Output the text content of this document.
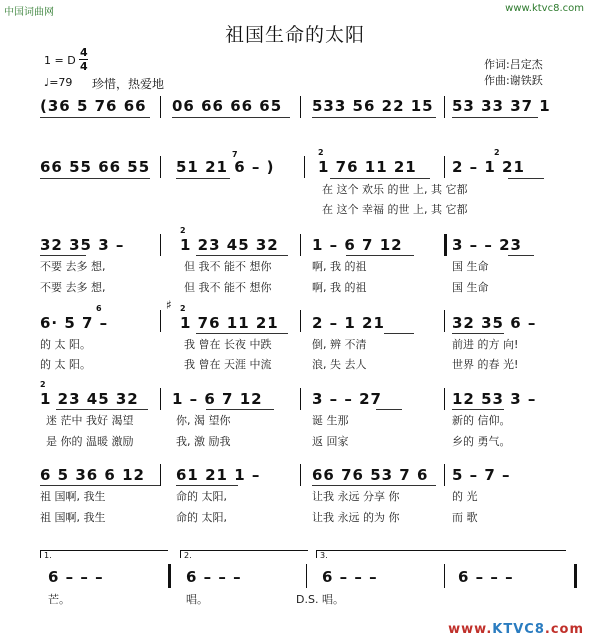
中国词曲网	www.ktvc8.com
祖国生命的太阳
1 = D
4
4
♩=79 珍惜，热爱地
作词:吕定杰
作曲:谢铁跃
(36 5 76 66 06 66 66 65 533 56 22 15 53 33 37 1
66 55 66 55 51 21 6 – )	1 76 11 21 2 – 1 21
2	2
7
在 这个 欢乐 的世 上, 其 它都
在 这个 幸福 的世 上, 其 它都
32 35 3 –	1 23 45 32 1 – 6 7 12	3 – – 23
2
不要 去多 想,	但 我不 能不 想你	啊, 我 的祖	国 生命
不要 去多 想,	但 我不 能不 想你	啊, 我 的祖	国 生命
6· 5 7 –	1 76 11 21 2 – 1 21	32 35 6 –
6	2
♯
的 太 阳。	我 曾在 长夜 中跌	倒, 辨 不清	前进 的方 向!
的 太 阳。	我 曾在 天涯 中流	浪, 失 去人	世界 的春 光!
1 23 45 32 1 – 6 7 12	3 – – 27	12 53 3 –
2
迷 茫中 我好 渴望	你, 渴 望你	诞 生那	新的 信仰。
是 你的 温暖 激励	我, 激 励我	返 回家	乡的 勇气。
6 5 36 6 12 61 21 1 –	66 76 53 7 6 5 – 7 –
祖 国啊, 我生	命的 太阳,	让我 永远 分享 你	的 光
祖 国啊, 我生	命的 太阳,	让我 永远 的为 你	而 歌
1.	2.	3.
6 – – –	6 – – –	6 – – –	6 – – –
芒。	唱。	D.S. 唱。
www.KTVC8.com
